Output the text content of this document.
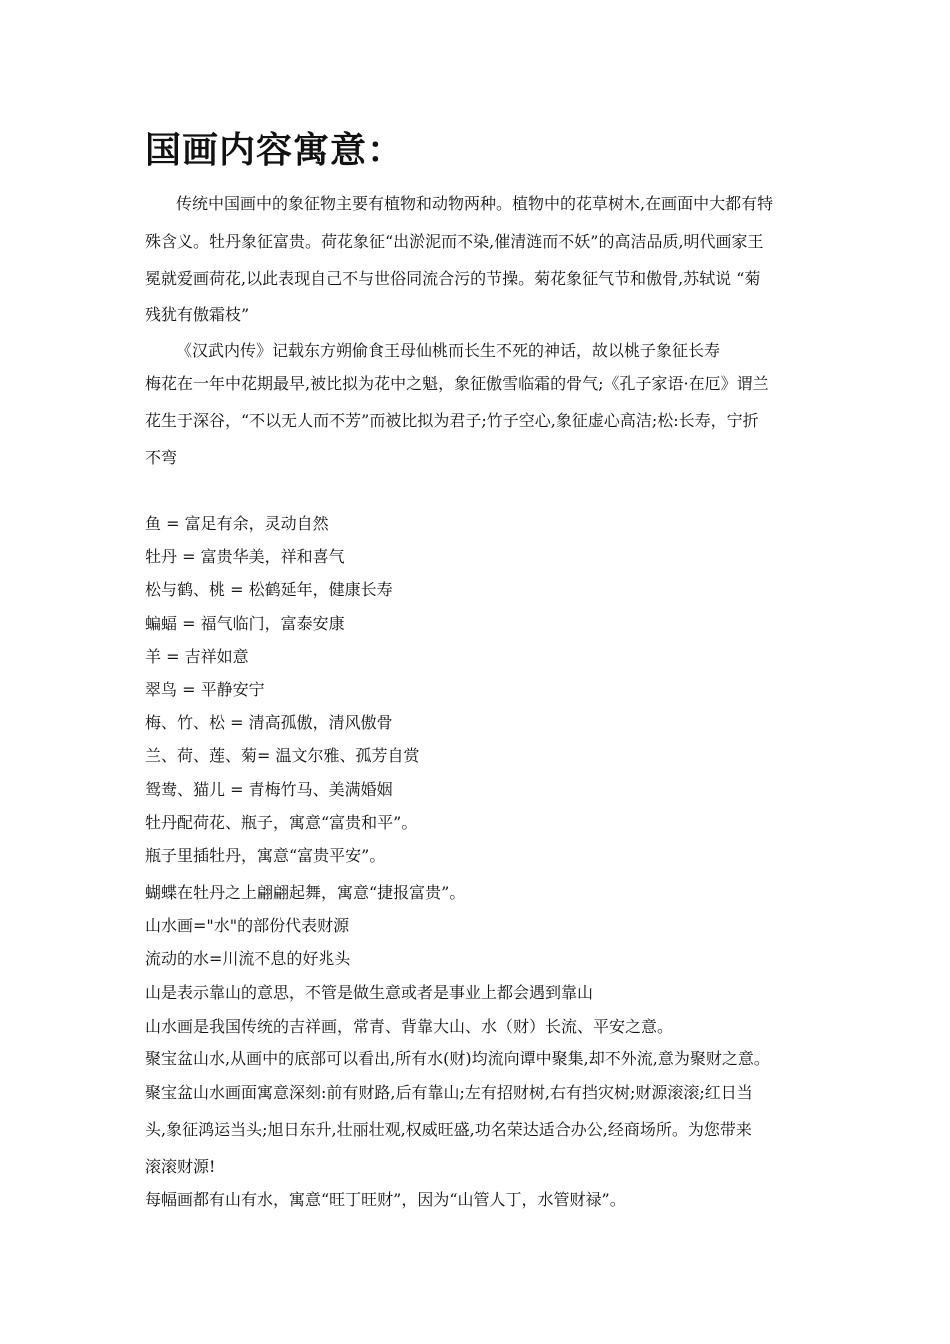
国画内容寓意：
传统中国画中的象征物主要有植物和动物两种。植物中的花草树木,在画面中大都有特
殊含义。牡丹象征富贵。荷花象征“出淤泥而不染,催清涟而不妖”的高洁品质,明代画家王
冕就爱画荷花,以此表现自己不与世俗同流合污的节操。菊花象征气节和傲骨,苏轼说 “菊
残犹有傲霜枝”
《汉武内传》记载东方朔偷食王母仙桃而长生不死的神话，故以桃子象征长寿
梅花在一年中花期最早,被比拟为花中之魁，象征傲雪临霜的骨气;《孔子家语·在厄》谓兰
花生于深谷，“不以无人而不芳”而被比拟为君子;竹子空心,象征虚心高洁;松:长寿，宁折
不弯
鱼 = 富足有余，灵动自然
牡丹 = 富贵华美，祥和喜气
松与鹤、桃 = 松鹤延年，健康长寿
蝙蝠 = 福气临门，富泰安康
羊 = 吉祥如意
翠鸟 = 平静安宁
梅、竹、松 = 清高孤傲，清风傲骨
兰、荷、莲、菊= 温文尔雅、孤芳自赏
鸳鸯、猫儿 = 青梅竹马、美满婚姻
牡丹配荷花、瓶子，寓意“富贵和平”。
瓶子里插牡丹，寓意“富贵平安”。
蝴蝶在牡丹之上翩翩起舞，寓意“捷报富贵”。
山水画="水"的部份代表财源
流动的水=川流不息的好兆头
山是表示靠山的意思，不管是做生意或者是事业上都会遇到靠山
山水画是我国传统的吉祥画，常青、背靠大山、水（财）长流、平安之意。
聚宝盆山水,从画中的底部可以看出,所有水(财)均流向谭中聚集,却不外流,意为聚财之意。
聚宝盆山水画面寓意深刻:前有财路,后有靠山;左有招财树,右有挡灾树;财源滚滚;红日当
头,象征鸿运当头;旭日东升,壮丽壮观,权威旺盛,功名荣达适合办公,经商场所。为您带来
滚滚财源!
每幅画都有山有水，寓意“旺丁旺财”，因为“山管人丁，水管财禄”。
